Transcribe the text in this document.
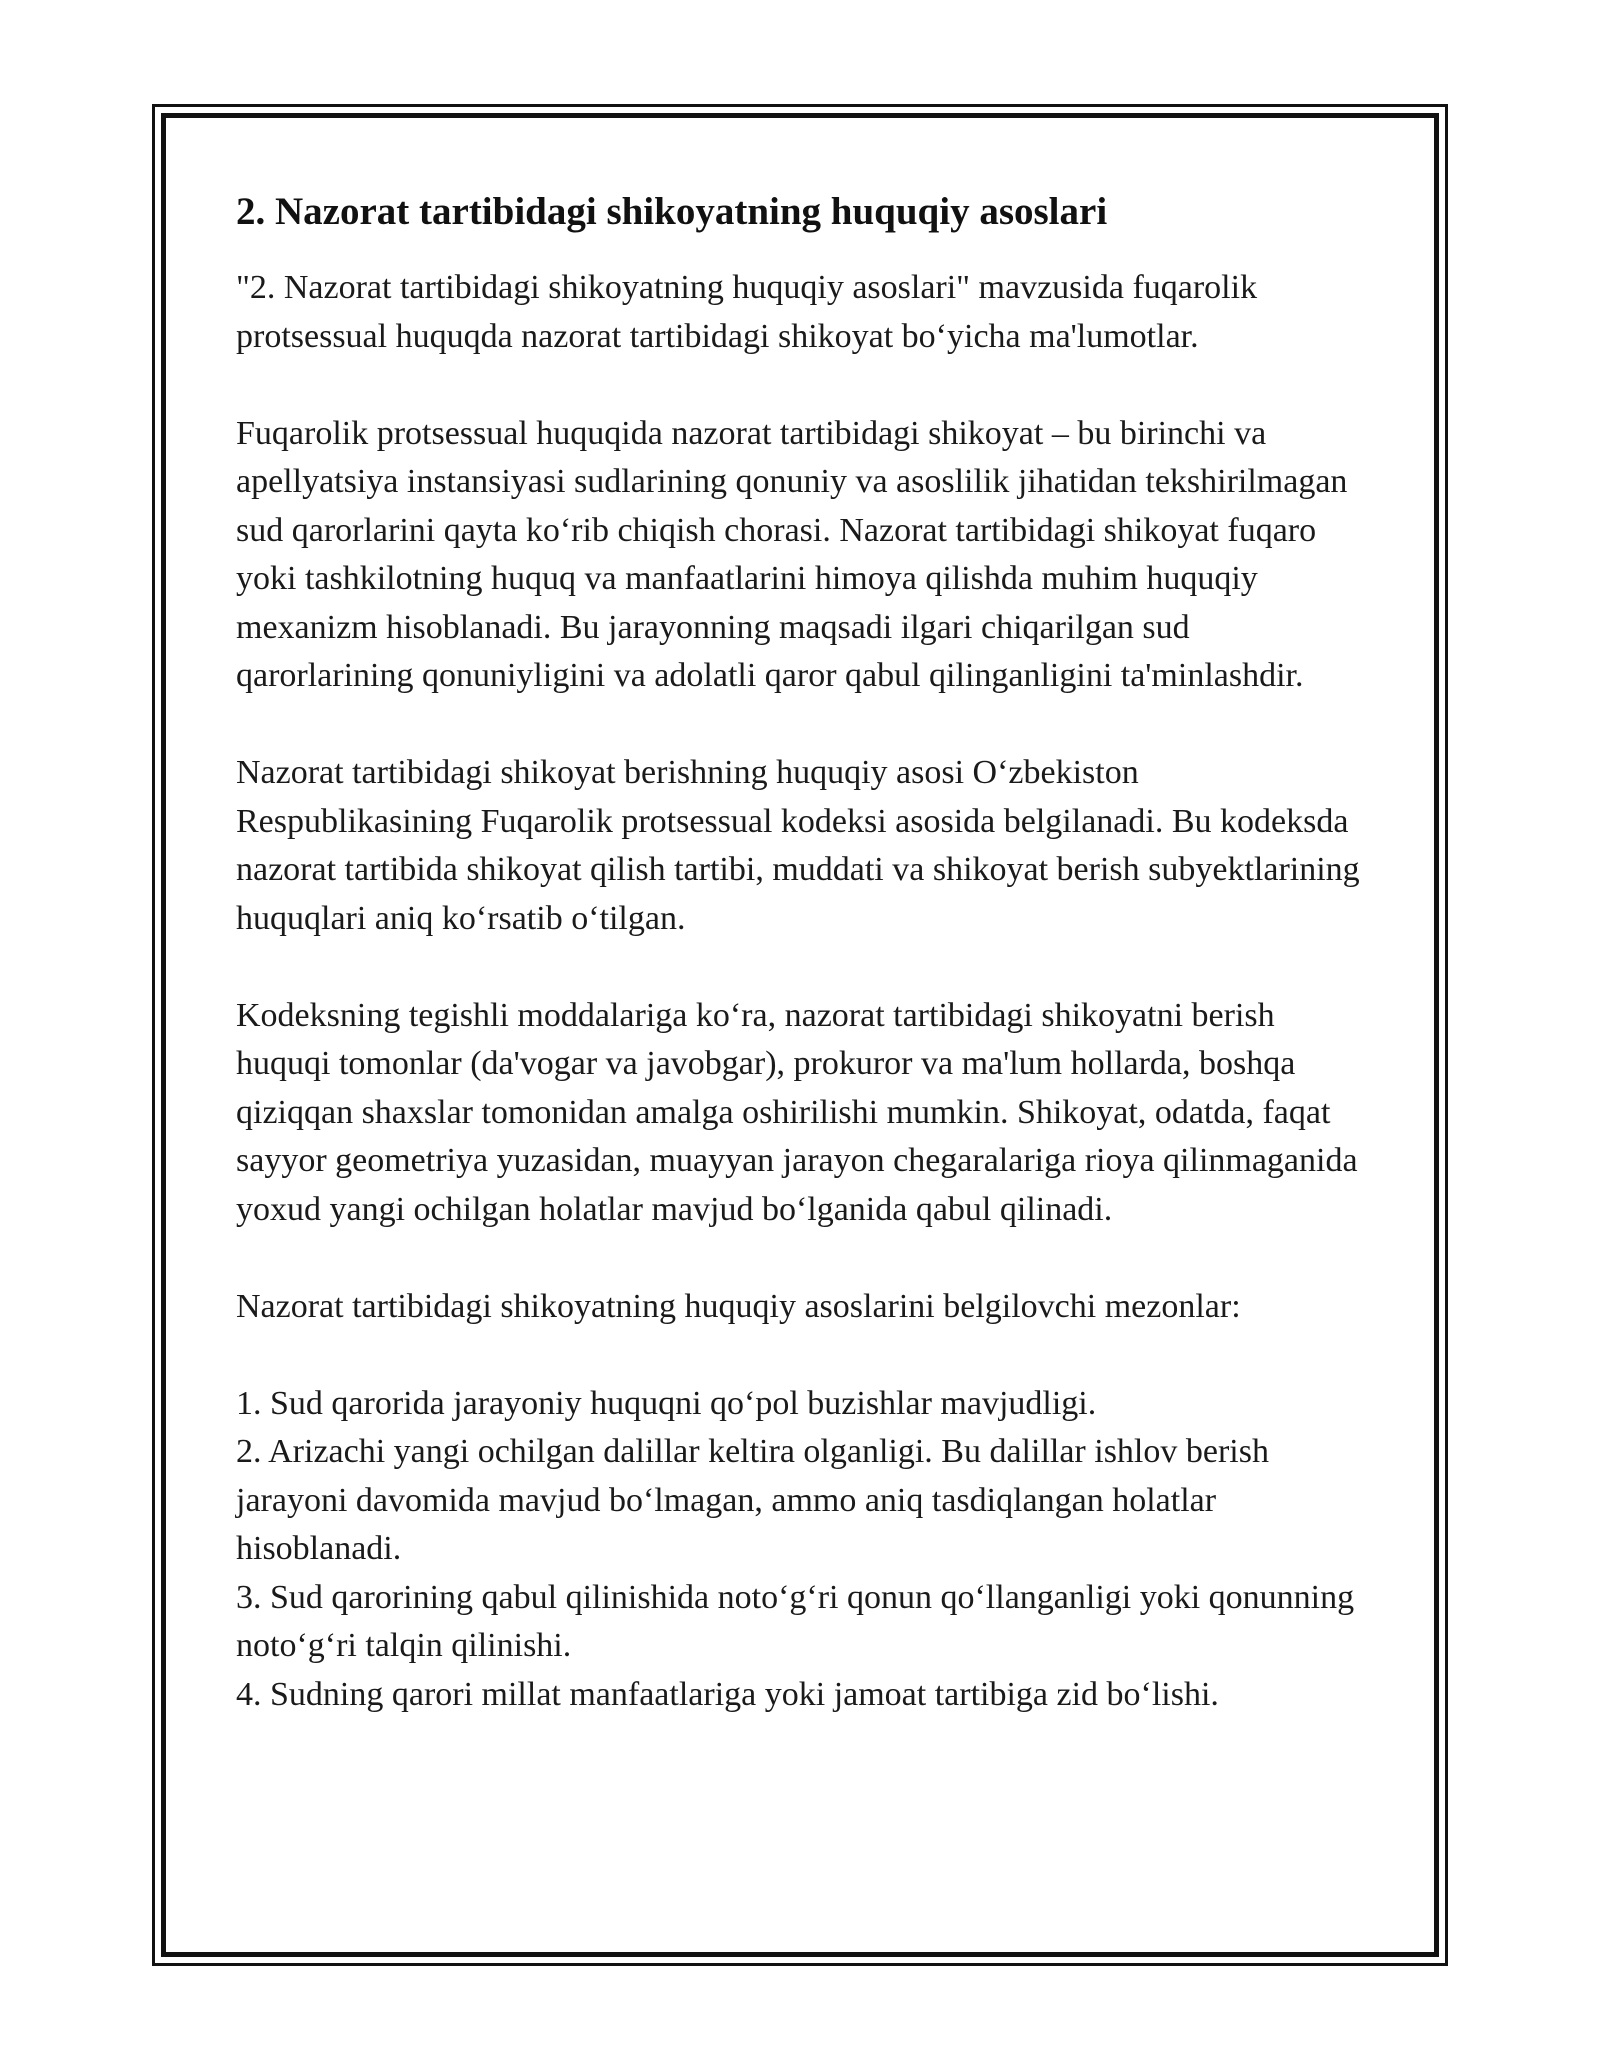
2. Nazorat tartibidagi shikoyatning huquqiy asoslari

"2. Nazorat tartibidagi shikoyatning huquqiy asoslari" mavzusida fuqarolik protsessual huquqda nazorat tartibidagi shikoyat bo‘yicha ma'lumotlar.

Fuqarolik protsessual huquqida nazorat tartibidagi shikoyat – bu birinchi va apellyatsiya instansiyasi sudlarining qonuniy va asoslilik jihatidan tekshirilmagan sud qarorlarini qayta ko‘rib chiqish chorasi. Nazorat tartibidagi shikoyat fuqaro yoki tashkilotning huquq va manfaatlarini himoya qilishda muhim huquqiy mexanizm hisoblanadi. Bu jarayonning maqsadi ilgari chiqarilgan sud qarorlarining qonuniyligini va adolatli qaror qabul qilinganligini ta'minlashdir.

Nazorat tartibidagi shikoyat berishning huquqiy asosi O‘zbekiston Respublikasining Fuqarolik protsessual kodeksi asosida belgilanadi. Bu kodeksda nazorat tartibida shikoyat qilish tartibi, muddati va shikoyat berish subyektlarining huquqlari aniq ko‘rsatib o‘tilgan.

Kodeksning tegishli moddalariga ko‘ra, nazorat tartibidagi shikoyatni berish huquqi tomonlar (da'vogar va javobgar), prokuror va ma'lum hollarda, boshqa qiziqqan shaxslar tomonidan amalga oshirilishi mumkin. Shikoyat, odatda, faqat sayyor geometriya yuzasidan, muayyan jarayon chegaralariga rioya qilinmaganida yoxud yangi ochilgan holatlar mavjud bo‘lganida qabul qilinadi.

Nazorat tartibidagi shikoyatning huquqiy asoslarini belgilovchi mezonlar:

1. Sud qarorida jarayoniy huquqni qo‘pol buzishlar mavjudligi.
2. Arizachi yangi ochilgan dalillar keltira olganligi. Bu dalillar ishlov berish jarayoni davomida mavjud bo‘lmagan, ammo aniq tasdiqlangan holatlar hisoblanadi.
3. Sud qarorining qabul qilinishida noto‘g‘ri qonun qo‘llanganligi yoki qonunning noto‘g‘ri talqin qilinishi.
4. Sudning qarori millat manfaatlariga yoki jamoat tartibiga zid bo‘lishi.
